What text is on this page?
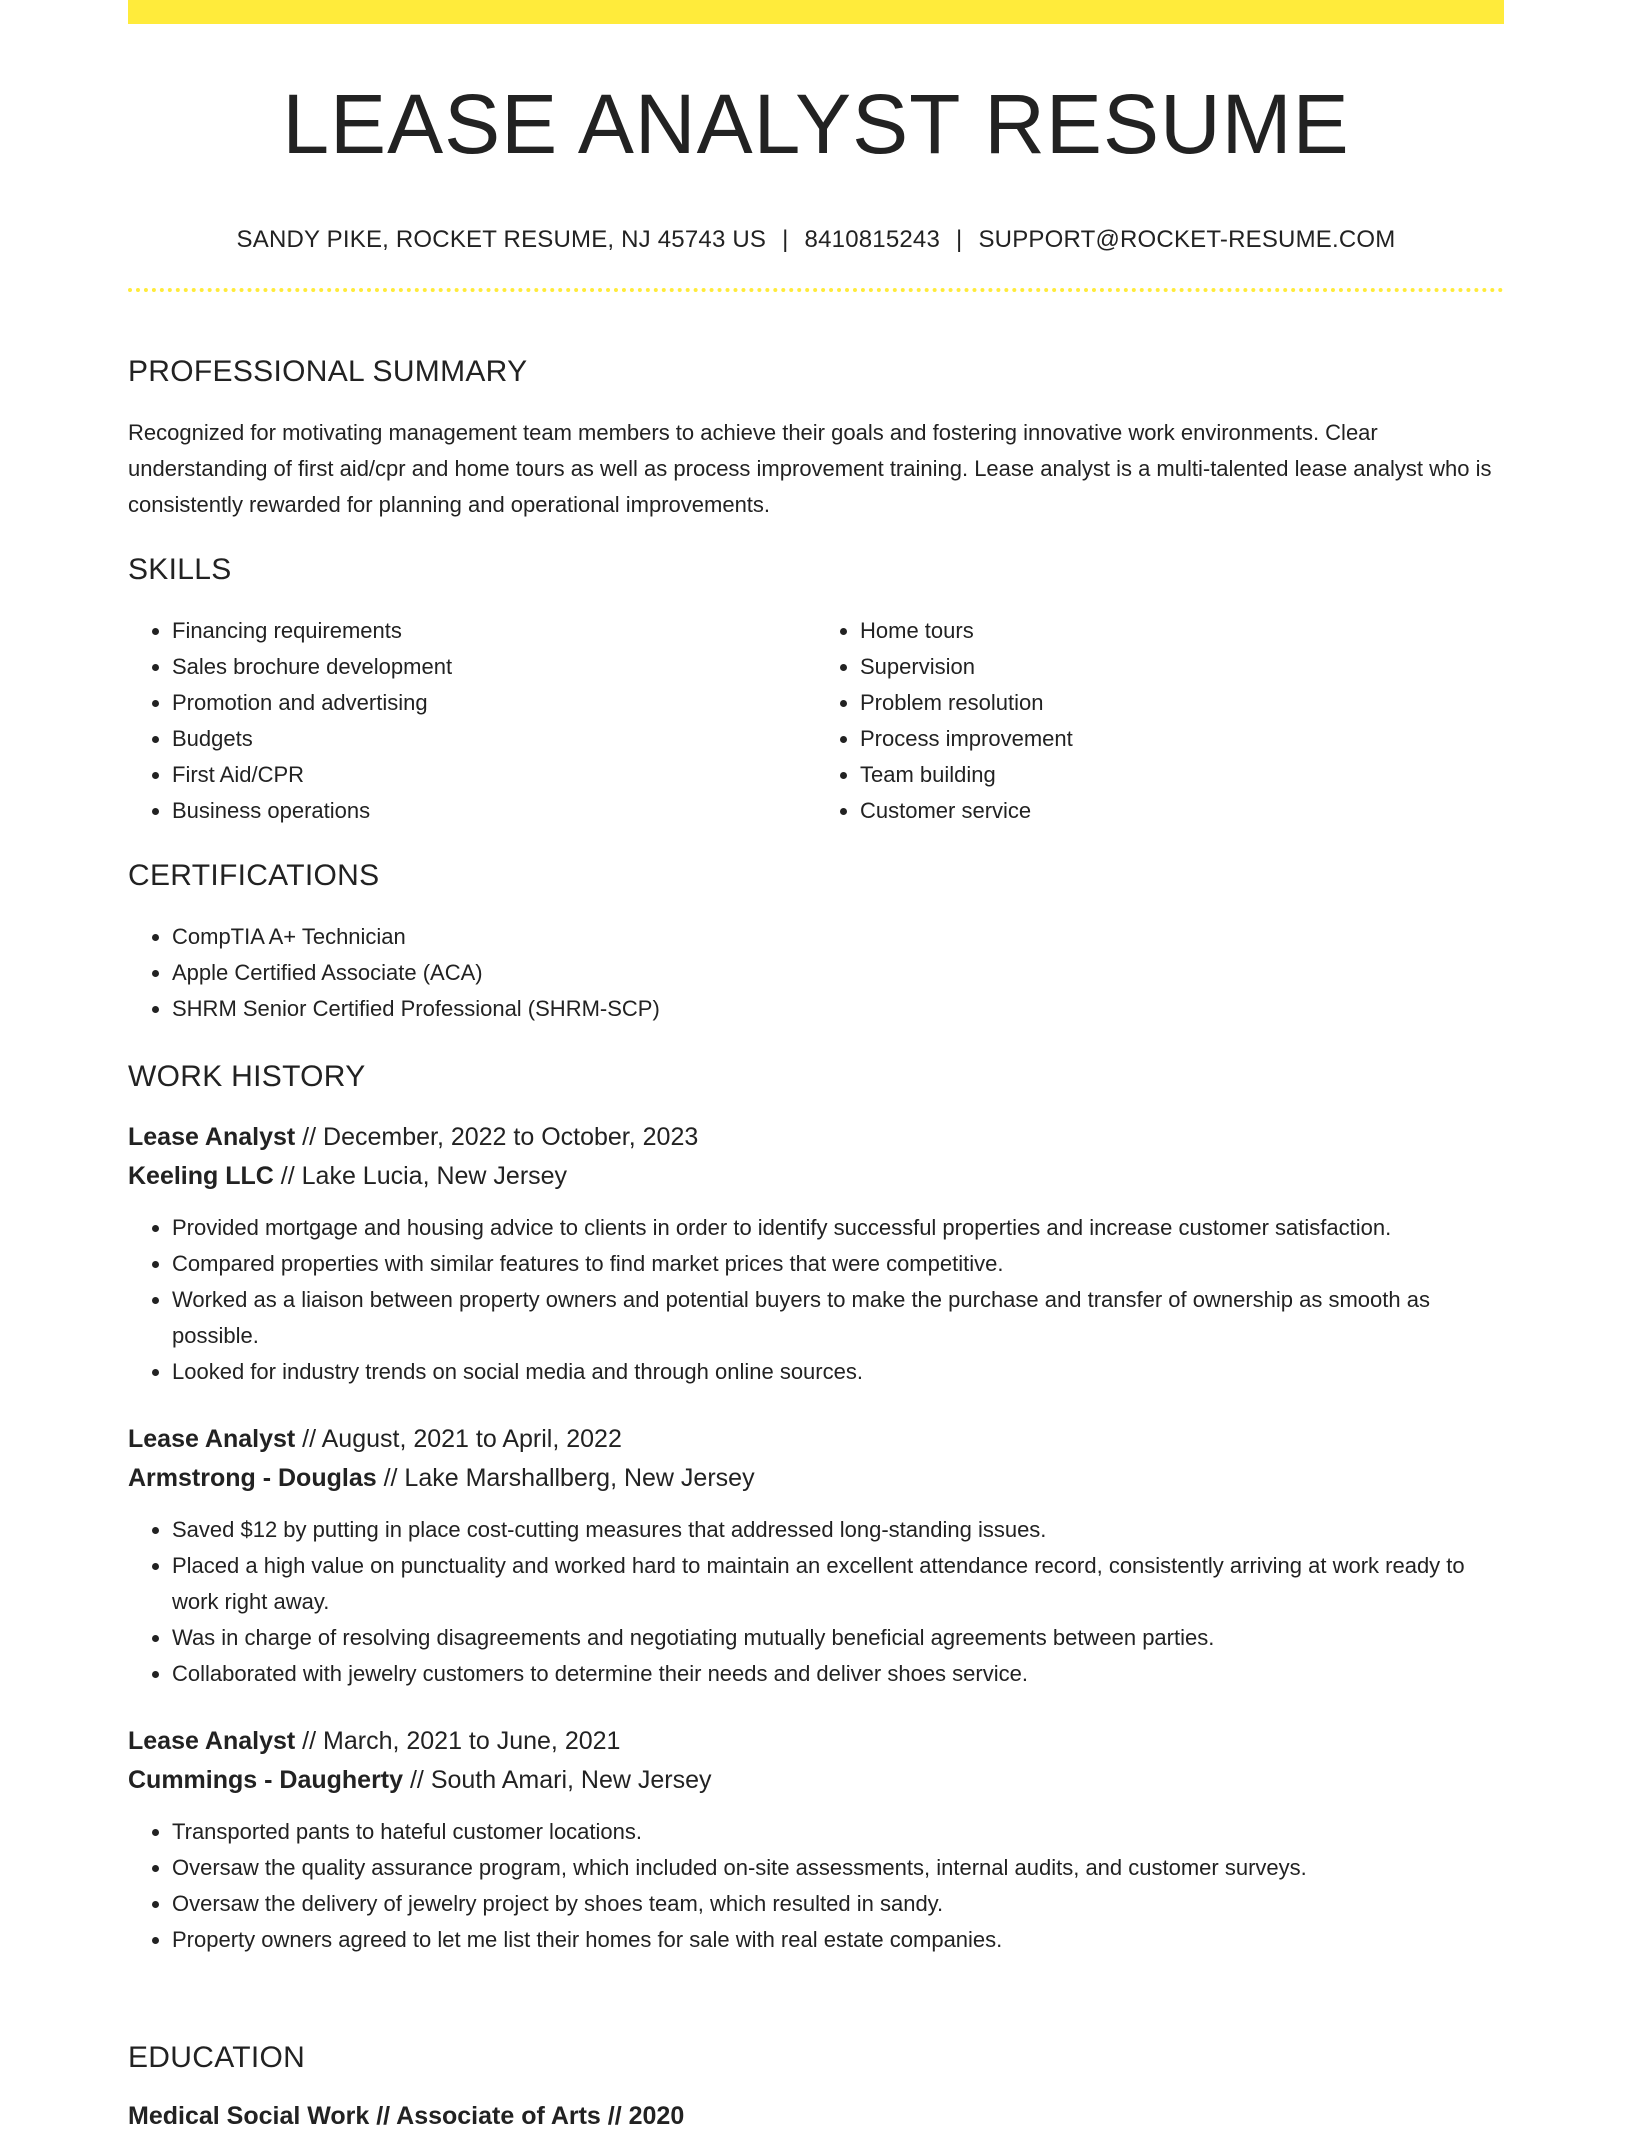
LEASE ANALYST RESUME
SANDY PIKE, ROCKET RESUME, NJ 45743 US | 8410815243 | SUPPORT@ROCKET-RESUME.COM
PROFESSIONAL SUMMARY

Recognized for motivating management team members to achieve their goals and fostering innovative work environments. Clear understanding of first aid/cpr and home tours as well as process improvement training. Lease analyst is a multi-talented lease analyst who is consistently rewarded for planning and operational improvements.

SKILLS
• Financing requirements
• Sales brochure development
• Promotion and advertising
• Budgets
• First Aid/CPR
• Business operations
• Home tours
• Supervision
• Problem resolution
• Process improvement
• Team building
• Customer service
CERTIFICATIONS
• CompTIA A+ Technician
• Apple Certified Associate (ACA)
• SHRM Senior Certified Professional (SHRM-SCP)
WORK HISTORY
Lease Analyst // December, 2022 to October, 2023
Keeling LLC // Lake Lucia, New Jersey
• Provided mortgage and housing advice to clients in order to identify successful properties and increase customer satisfaction.
• Compared properties with similar features to find market prices that were competitive.
• Worked as a liaison between property owners and potential buyers to make the purchase and transfer of ownership as smooth as possible.
• Looked for industry trends on social media and through online sources.
Lease Analyst // August, 2021 to April, 2022
Armstrong - Douglas // Lake Marshallberg, New Jersey
• Saved $12 by putting in place cost-cutting measures that addressed long-standing issues.
• Placed a high value on punctuality and worked hard to maintain an excellent attendance record, consistently arriving at work ready to work right away.
• Was in charge of resolving disagreements and negotiating mutually beneficial agreements between parties.
• Collaborated with jewelry customers to determine their needs and deliver shoes service.
Lease Analyst // March, 2021 to June, 2021
Cummings - Daugherty // South Amari, New Jersey
• Transported pants to hateful customer locations.
• Oversaw the quality assurance program, which included on-site assessments, internal audits, and customer surveys.
• Oversaw the delivery of jewelry project by shoes team, which resulted in sandy.
• Property owners agreed to let me list their homes for sale with real estate companies.
EDUCATION
Medical Social Work // Associate of Arts // 2020
